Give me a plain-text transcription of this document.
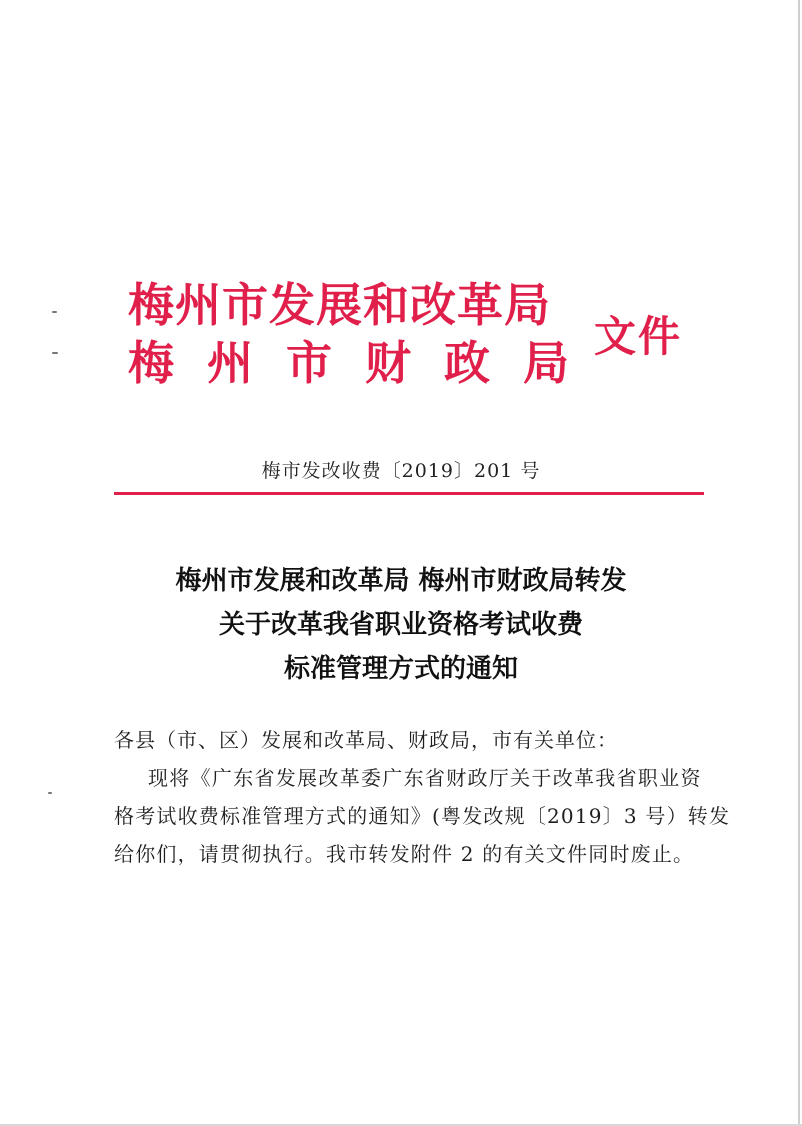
梅州市发展和改革局
梅州市财政局
文件
梅市发改收费〔2019〕201 号
梅州市发展和改革局 梅州市财政局转发
关于改革我省职业资格考试收费
标准管理方式的通知
各县（市、区）发展和改革局、财政局，市有关单位：
现将《广东省发展改革委广东省财政厅关于改革我省职业资
格考试收费标准管理方式的通知》(粤发改规〔2019〕3 号）转发
给你们，请贯彻执行。我市转发附件 2 的有关文件同时废止。
